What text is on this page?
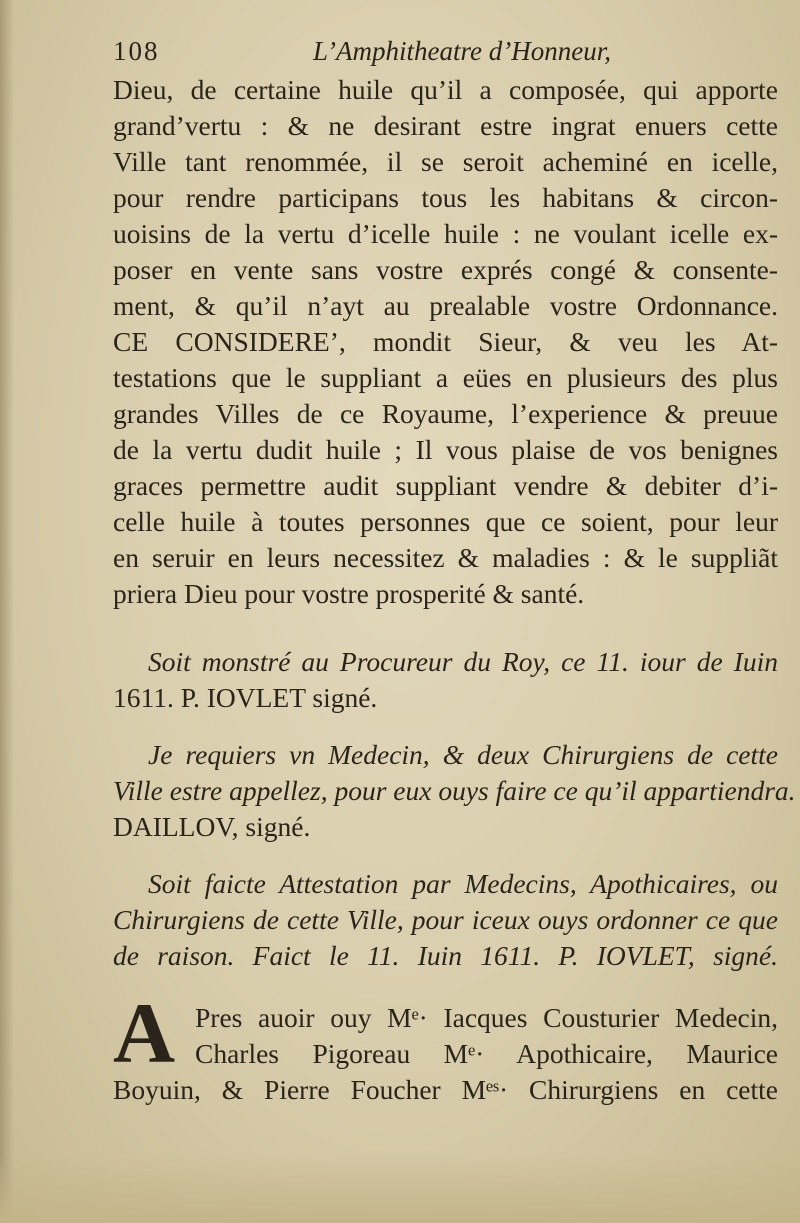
108	L’Amphitheatre d’Honneur,
Dieu, de certaine huile qu’il a composée, qui apporte
grand’vertu : & ne desirant estre ingrat enuers cette
Ville tant renommée, il se seroit acheminé en icelle,
pour rendre participans tous les habitans & circon-
uoisins de la vertu d’icelle huile : ne voulant icelle ex-
poser en vente sans vostre exprés congé & consente-
ment, & qu’il n’ayt au prealable vostre Ordonnance.
CE CONSIDERE’, mondit Sieur, & veu les At-
testations que le suppliant a eües en plusieurs des plus
grandes Villes de ce Royaume, l’experience & preuue
de la vertu dudit huile ; Il vous plaise de vos benignes
graces permettre audit suppliant vendre & debiter d’i-
celle huile à toutes personnes que ce soient, pour leur
en seruir en leurs necessitez & maladies : & le suppliãt
priera Dieu pour vostre prosperité & santé.
Soit monstré au Procureur du Roy, ce 11. iour de Iuin
1611. P. IOVLET signé.
Je requiers vn Medecin, & deux Chirurgiens de cette
Ville estre appellez, pour eux ouys faire ce qu’il appartiendra.
DAILLOV, signé.
Soit faicte Attestation par Medecins, Apothicaires, ou
Chirurgiens de cette Ville, pour iceux ouys ordonner ce que
de raison. Faict le 11. Iuin 1611. P. IOVLET, signé.
A Pres auoir ouy Mᵉ· Iacques Cousturier Medecin,
Charles Pigoreau Mᵉ· Apothicaire, Maurice
Boyuin, & Pierre Foucher Mᵉˢ· Chirurgiens en cette
